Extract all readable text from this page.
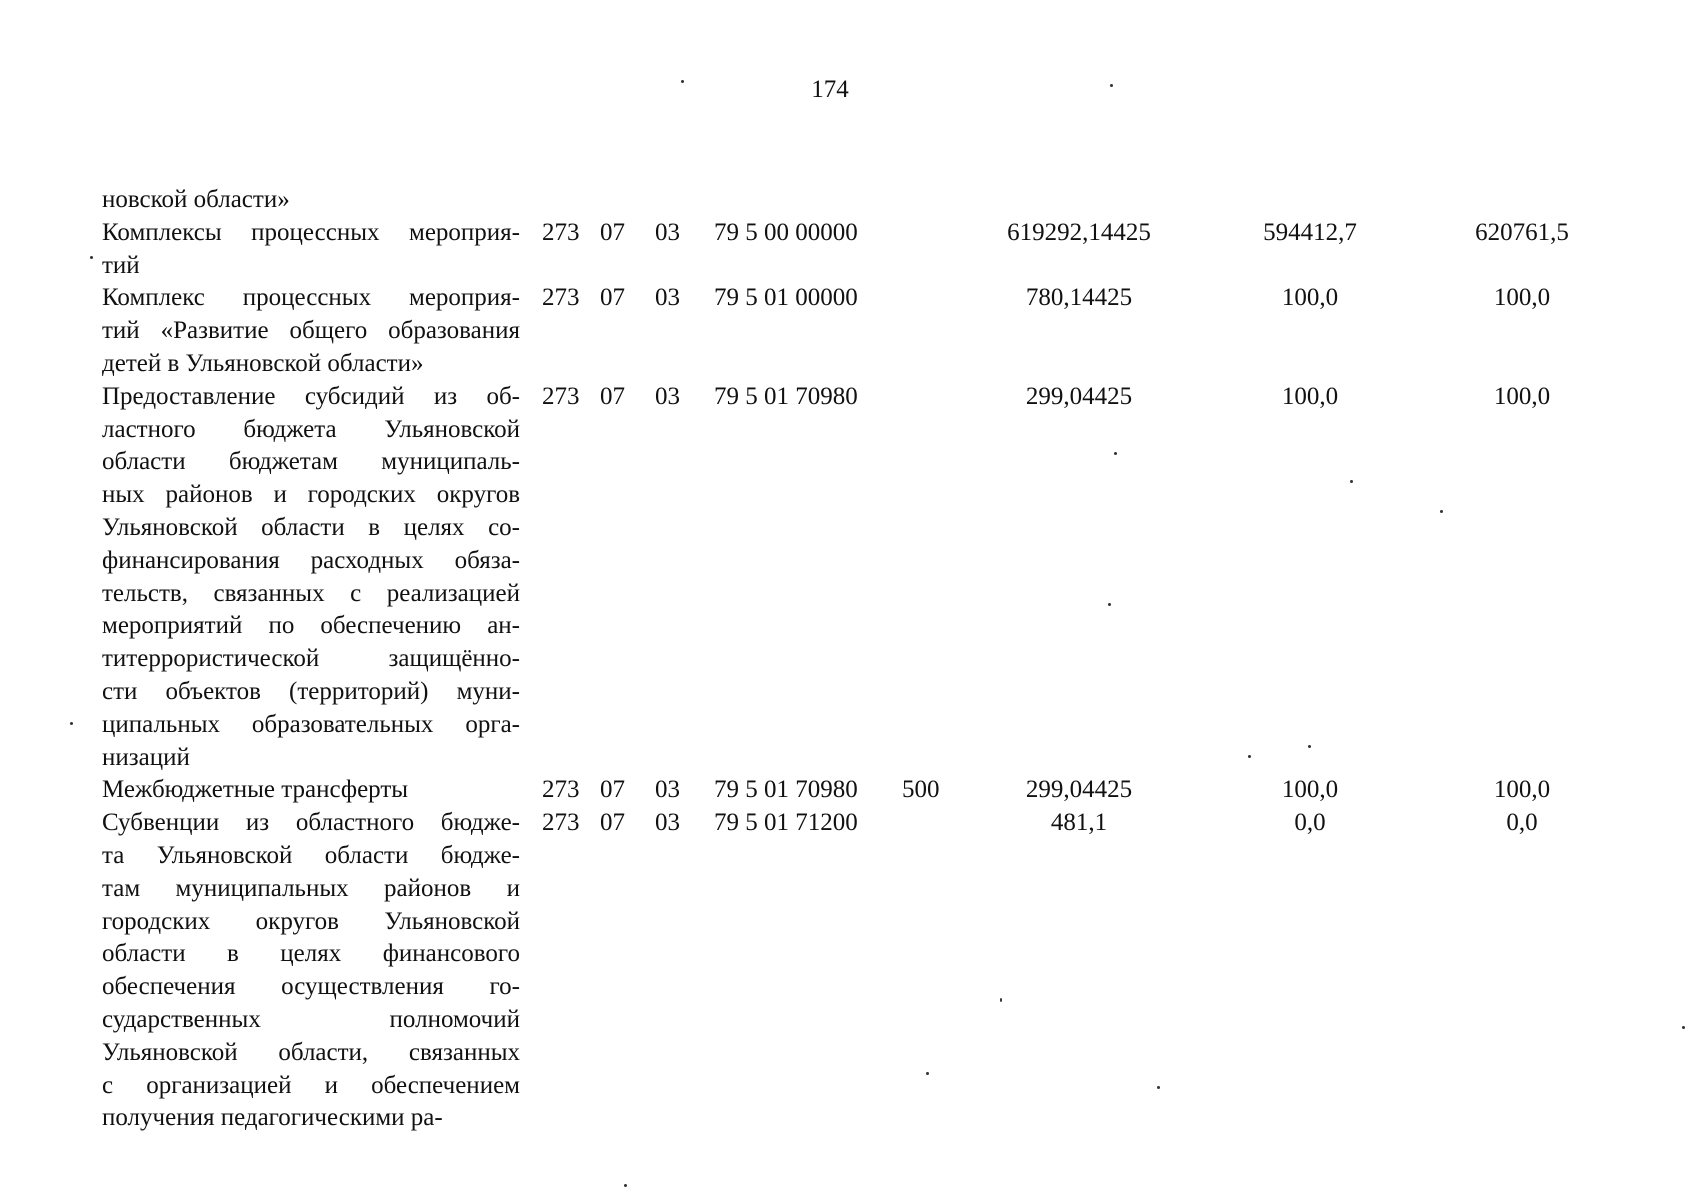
174
новской области»
Комплексы процессных мероприя-
тий
273 07 03 79 5 00 00000	619292,14425	594412,7	620761,5
Комплекс процессных мероприя-
тий «Развитие общего образования
детей в Ульяновской области»
273 07 03 79 5 01 00000	780,14425	100,0	100,0
Предоставление субсидий из об-
ластного бюджета Ульяновской
области бюджетам муниципаль-
ных районов и городских округов
Ульяновской области в целях со-
финансирования расходных обяза-
тельств, связанных с реализацией
мероприятий по обеспечению ан-
титеррористической защищённо-
сти объектов (территорий) муни-
ципальных образовательных орга-
низаций
273 07 03 79 5 01 70980	299,04425	100,0	100,0
Межбюджетные трансферты	273 07 03 79 5 01 70980 500	299,04425	100,0	100,0
Субвенции из областного бюдже-
та Ульяновской области бюдже-
там муниципальных районов и
городских округов Ульяновской
области в целях финансового
обеспечения осуществления го-
сударственных полномочий
Ульяновской области, связанных
с организацией и обеспечением
получения педагогическими ра-
273 07 03 79 5 01 71200	481,1	0,0	0,0
